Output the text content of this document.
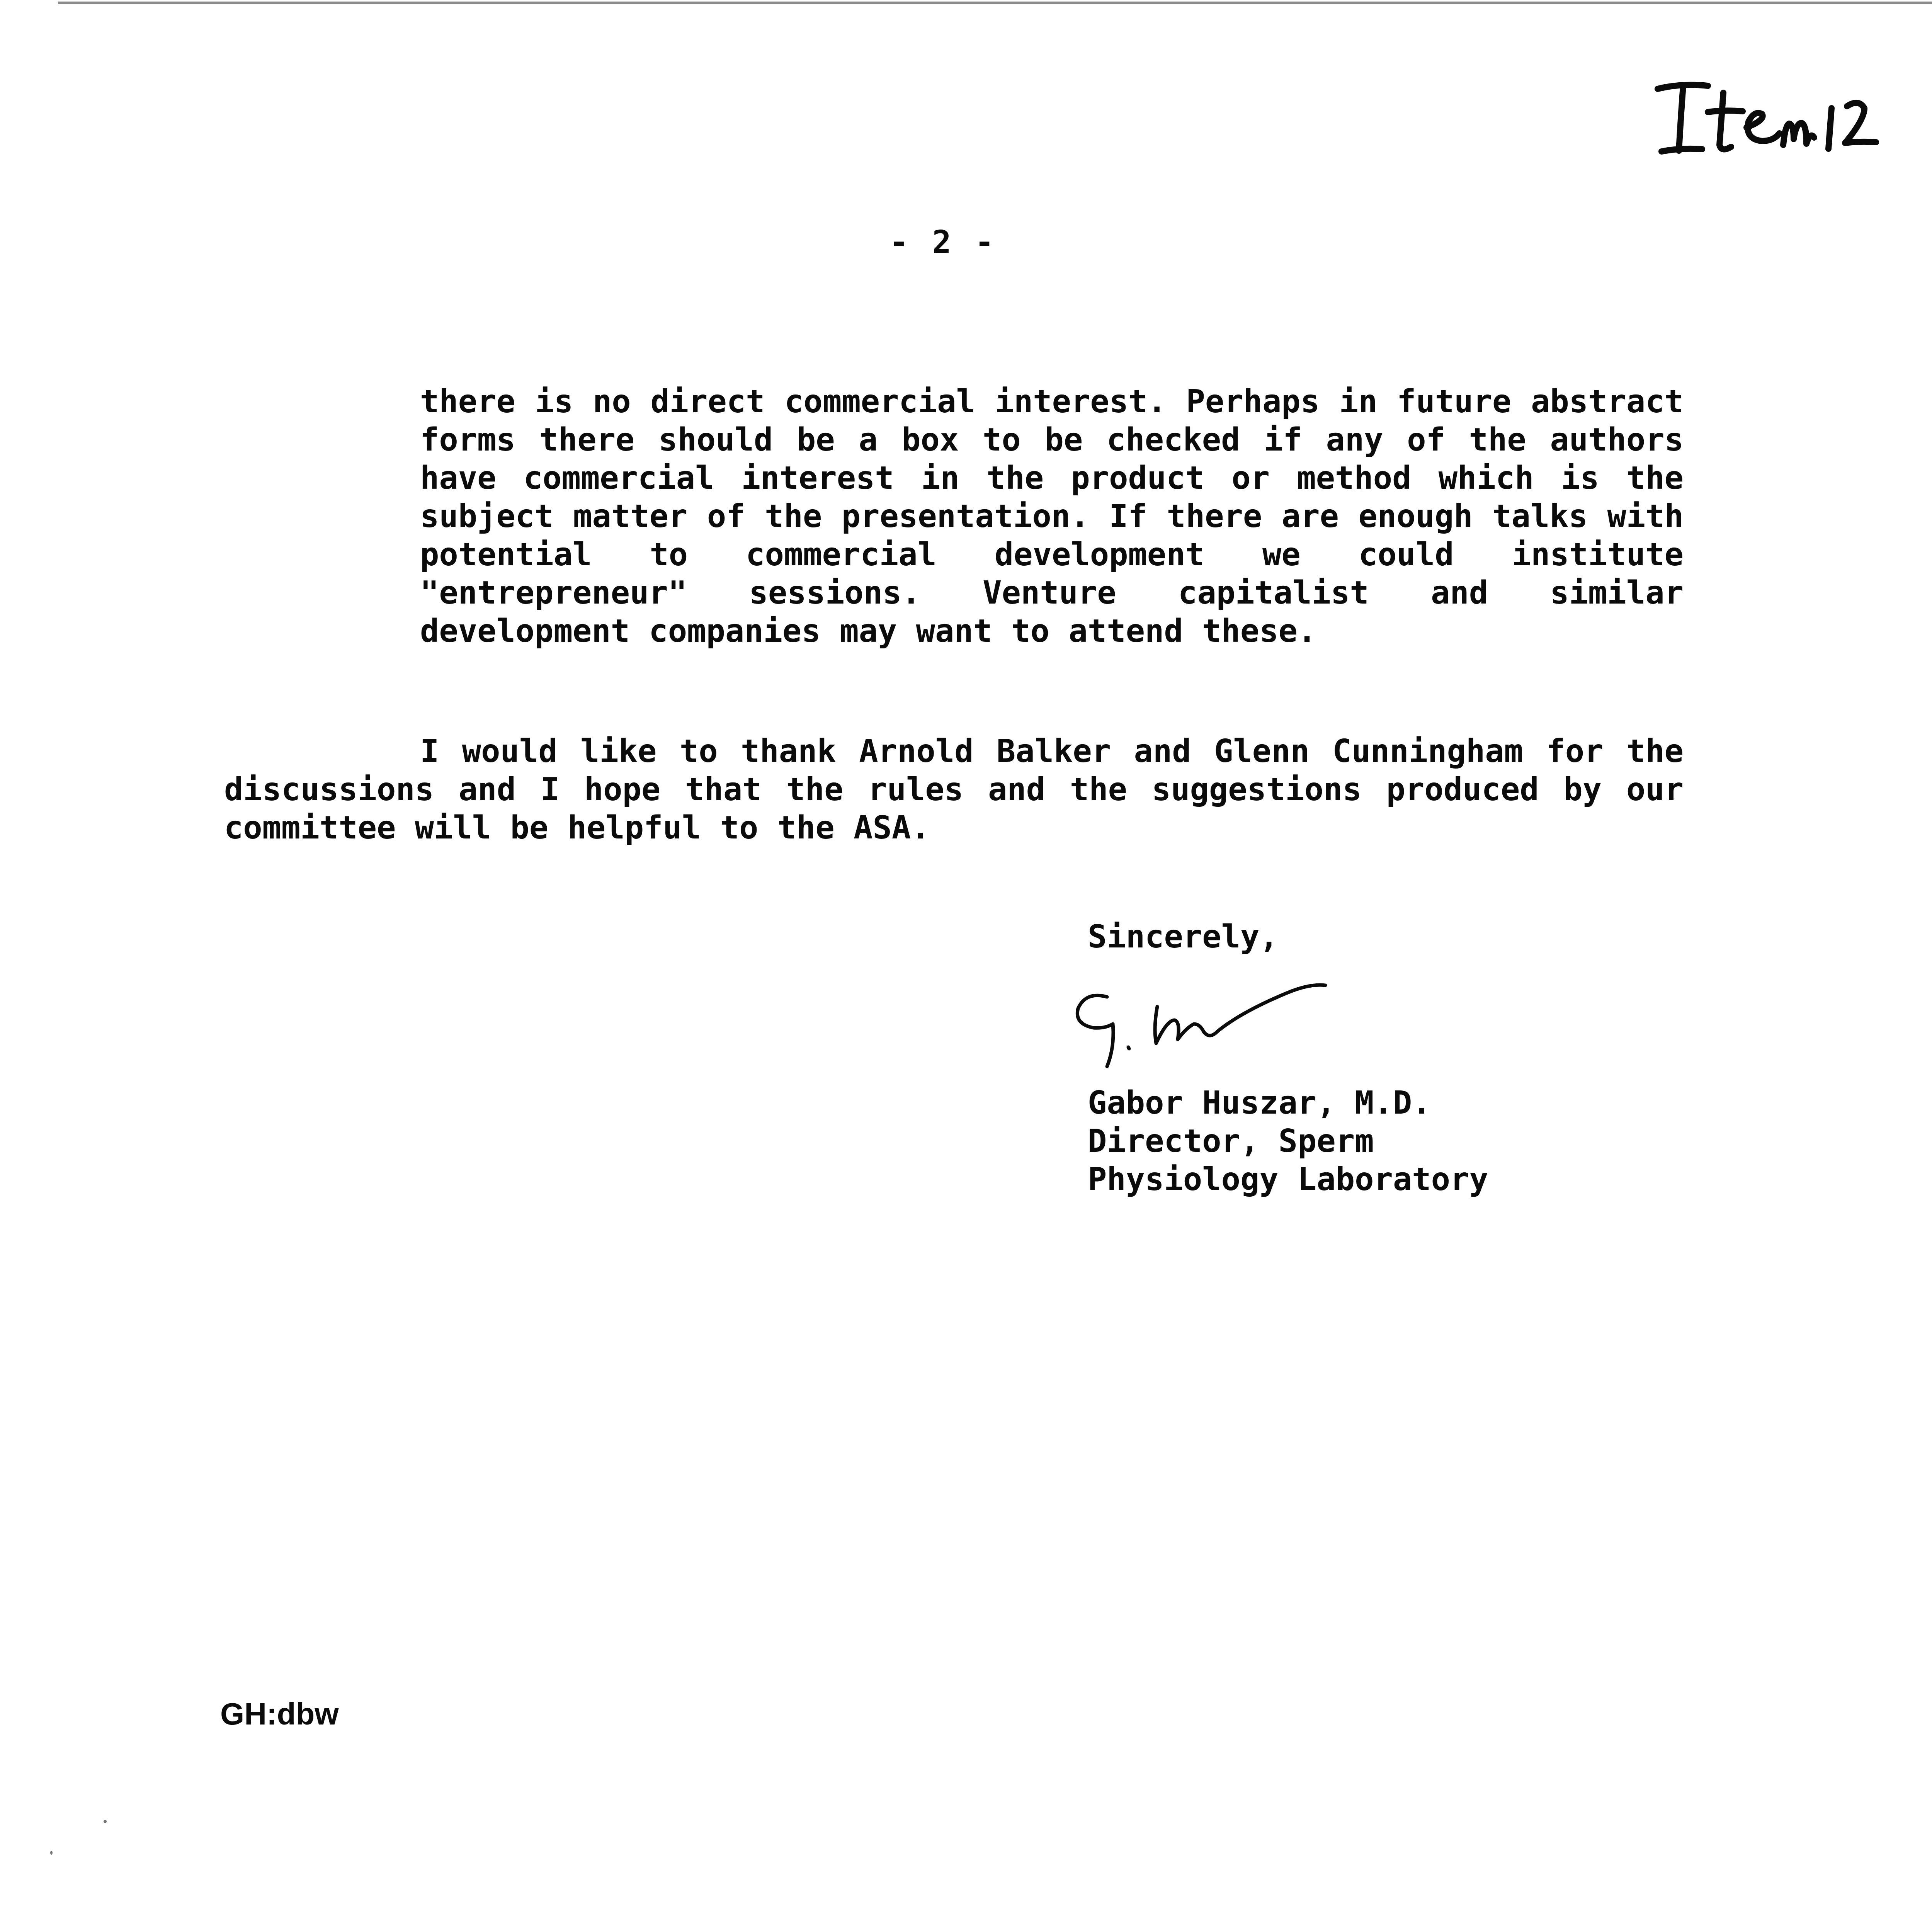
- 2 -

there is no direct commercial interest. Perhaps in future abstract forms there should be a box to be checked if any of the authors have commercial interest in the product or method which is the subject matter of the presentation. If there are enough talks with potential to commercial development we could institute "entrepreneur" sessions. Venture capitalist and similar development companies may want to attend these.

I would like to thank Arnold Balker and Glenn Cunningham for the discussions and I hope that the rules and the suggestions produced by our committee will be helpful to the ASA.

Sincerely,
Gabor Huszar, M.D.
Director, Sperm
Physiology Laboratory
GH:dbw
